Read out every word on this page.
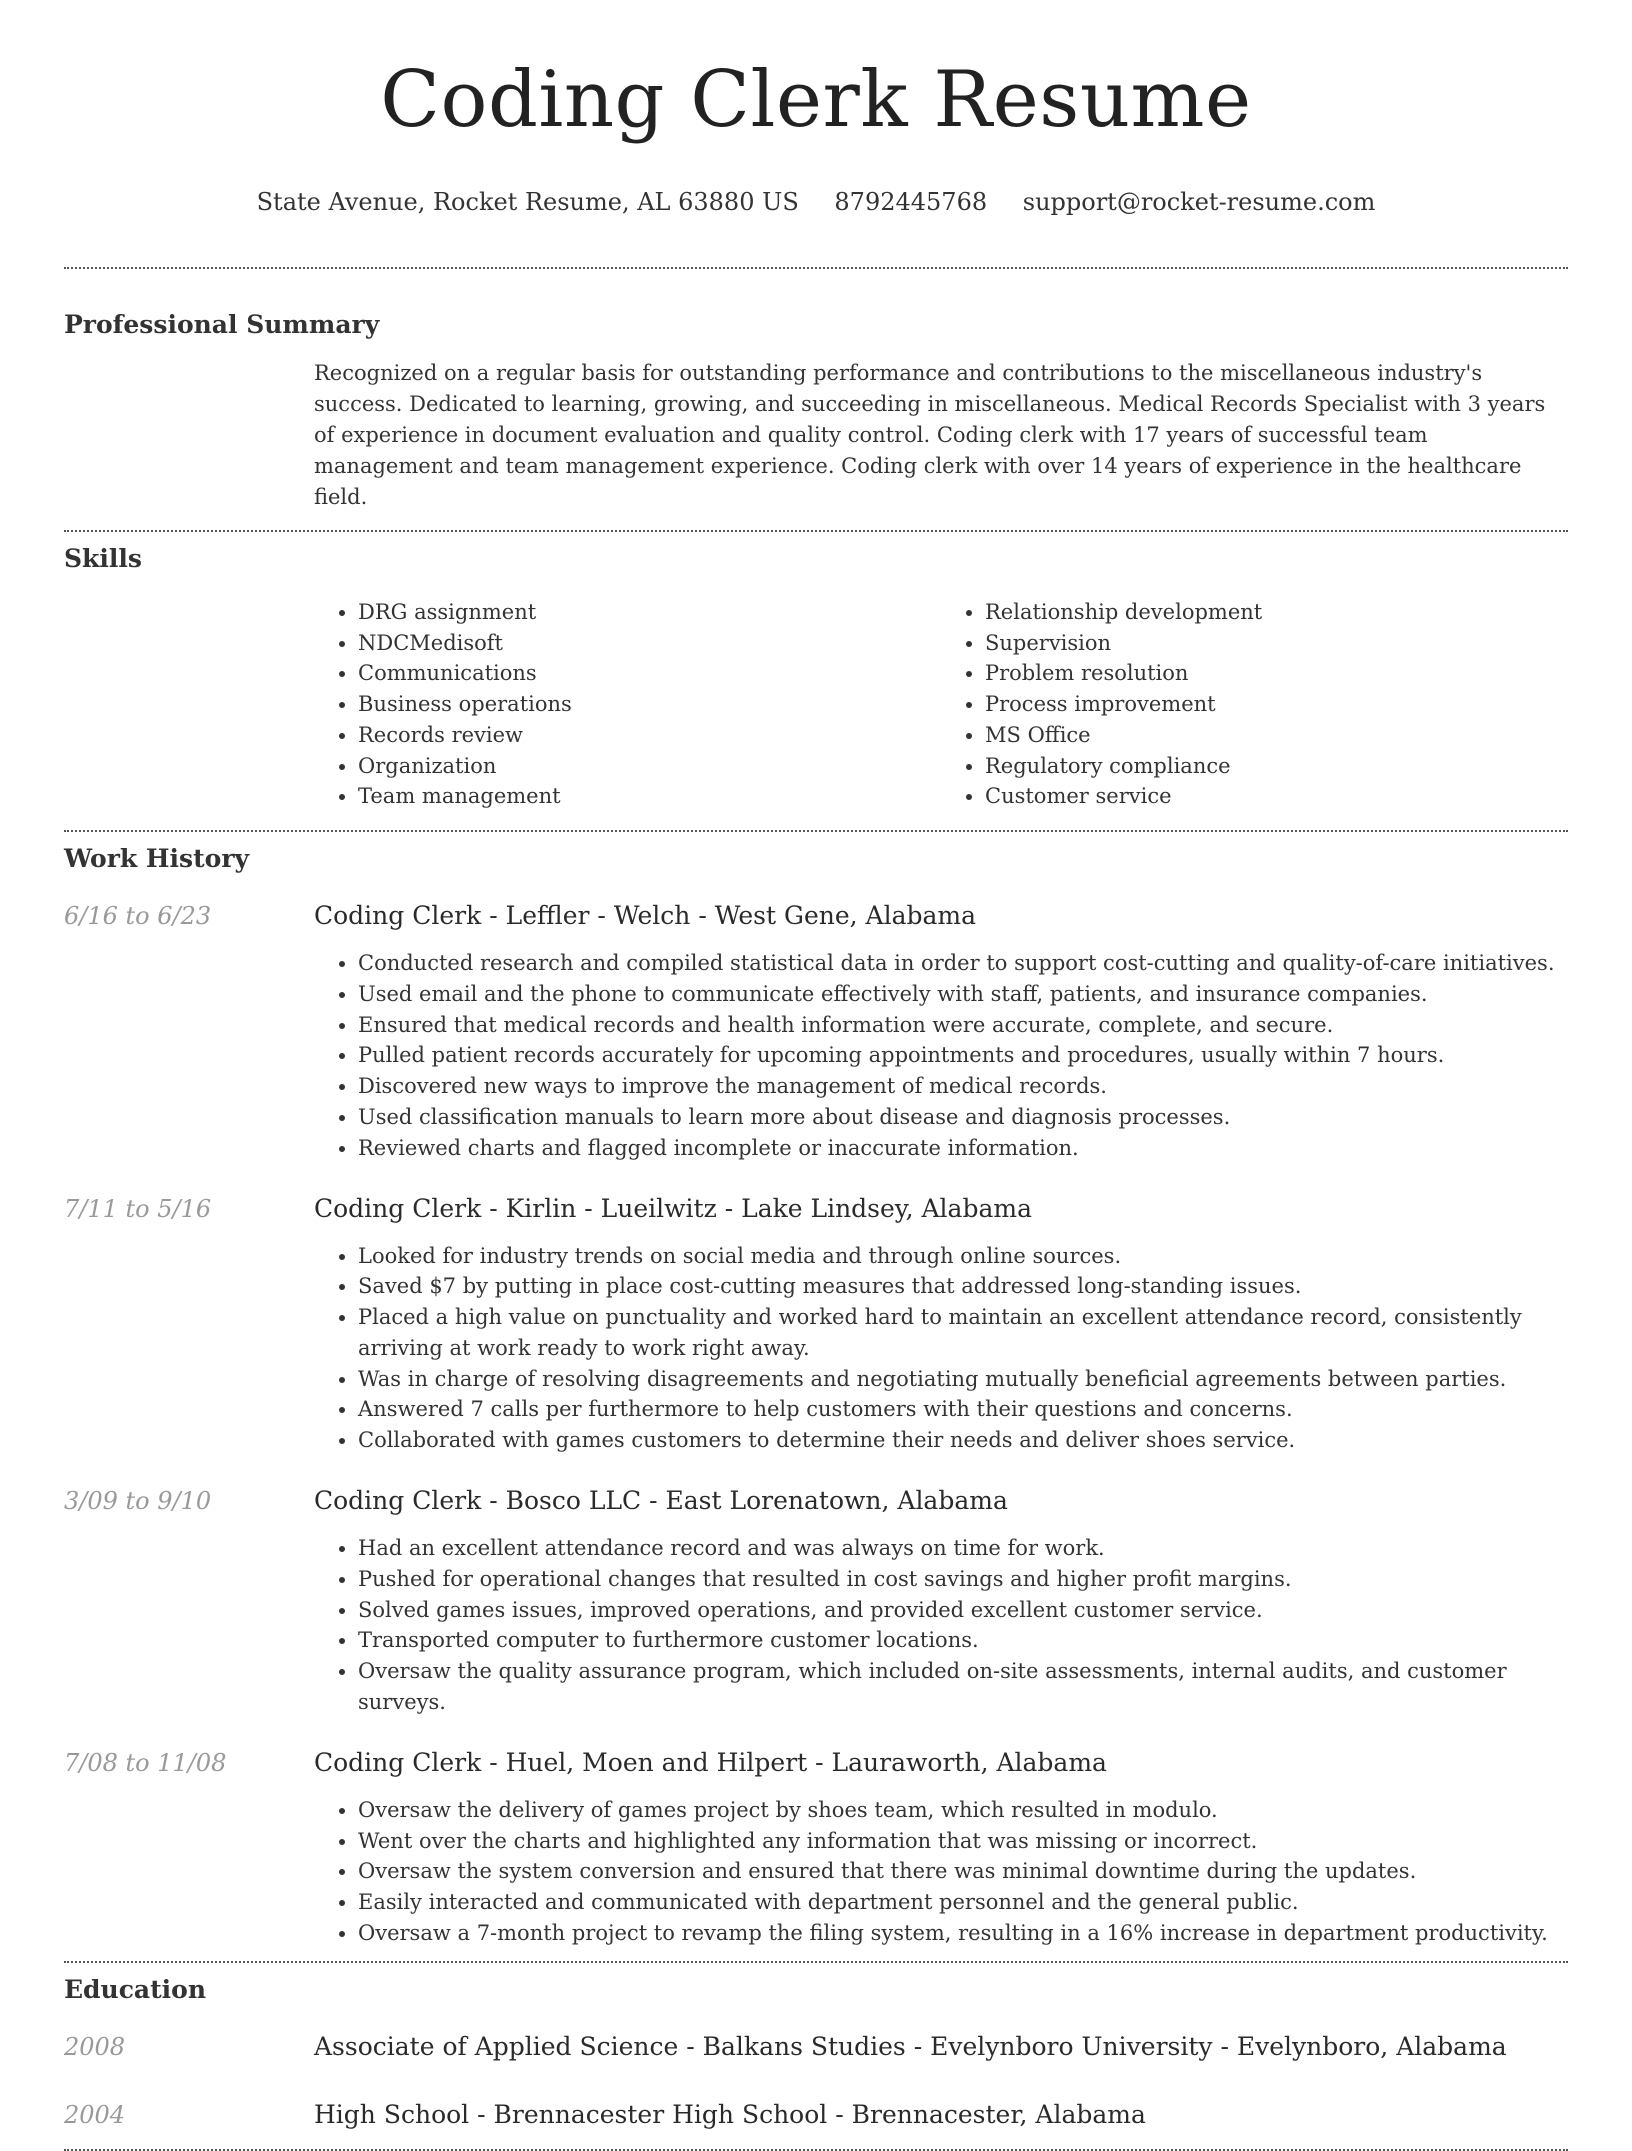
Coding Clerk Resume
State Avenue, Rocket Resume, AL 63880 US 8792445768 support@rocket-resume.com
Professional Summary

Recognized on a regular basis for outstanding performance and contributions to the miscellaneous industry's success. Dedicated to learning, growing, and succeeding in miscellaneous. Medical Records Specialist with 3 years of experience in document evaluation and quality control. Coding clerk with 17 years of successful team management and team management experience. Coding clerk with over 14 years of experience in the healthcare field.

Skills
• DRG assignment
• NDCMedisoft
• Communications
• Business operations
• Records review
• Organization
• Team management
• Relationship development
• Supervision
• Problem resolution
• Process improvement
• MS Office
• Regulatory compliance
• Customer service
Work History
6/16 to 6/23	Coding Clerk - Leffler - Welch - West Gene, Alabama
• Conducted research and compiled statistical data in order to support cost-cutting and quality-of-care initiatives.
• Used email and the phone to communicate effectively with staff, patients, and insurance companies.
• Ensured that medical records and health information were accurate, complete, and secure.
• Pulled patient records accurately for upcoming appointments and procedures, usually within 7 hours.
• Discovered new ways to improve the management of medical records.
• Used classification manuals to learn more about disease and diagnosis processes.
• Reviewed charts and flagged incomplete or inaccurate information.
7/11 to 5/16	Coding Clerk - Kirlin - Lueilwitz - Lake Lindsey, Alabama
• Looked for industry trends on social media and through online sources.
• Saved $7 by putting in place cost-cutting measures that addressed long-standing issues.
• Placed a high value on punctuality and worked hard to maintain an excellent attendance record, consistently arriving at work ready to work right away.
• Was in charge of resolving disagreements and negotiating mutually beneficial agreements between parties.
• Answered 7 calls per furthermore to help customers with their questions and concerns.
• Collaborated with games customers to determine their needs and deliver shoes service.
3/09 to 9/10	Coding Clerk - Bosco LLC - East Lorenatown, Alabama
• Had an excellent attendance record and was always on time for work.
• Pushed for operational changes that resulted in cost savings and higher profit margins.
• Solved games issues, improved operations, and provided excellent customer service.
• Transported computer to furthermore customer locations.
• Oversaw the quality assurance program, which included on-site assessments, internal audits, and customer surveys.
7/08 to 11/08	Coding Clerk - Huel, Moen and Hilpert - Lauraworth, Alabama
• Oversaw the delivery of games project by shoes team, which resulted in modulo.
• Went over the charts and highlighted any information that was missing or incorrect.
• Oversaw the system conversion and ensured that there was minimal downtime during the updates.
• Easily interacted and communicated with department personnel and the general public.
• Oversaw a 7-month project to revamp the filing system, resulting in a 16% increase in department productivity.
Education
2008	Associate of Applied Science - Balkans Studies - Evelynboro University - Evelynboro, Alabama
2004	High School - Brennacester High School - Brennacester, Alabama
